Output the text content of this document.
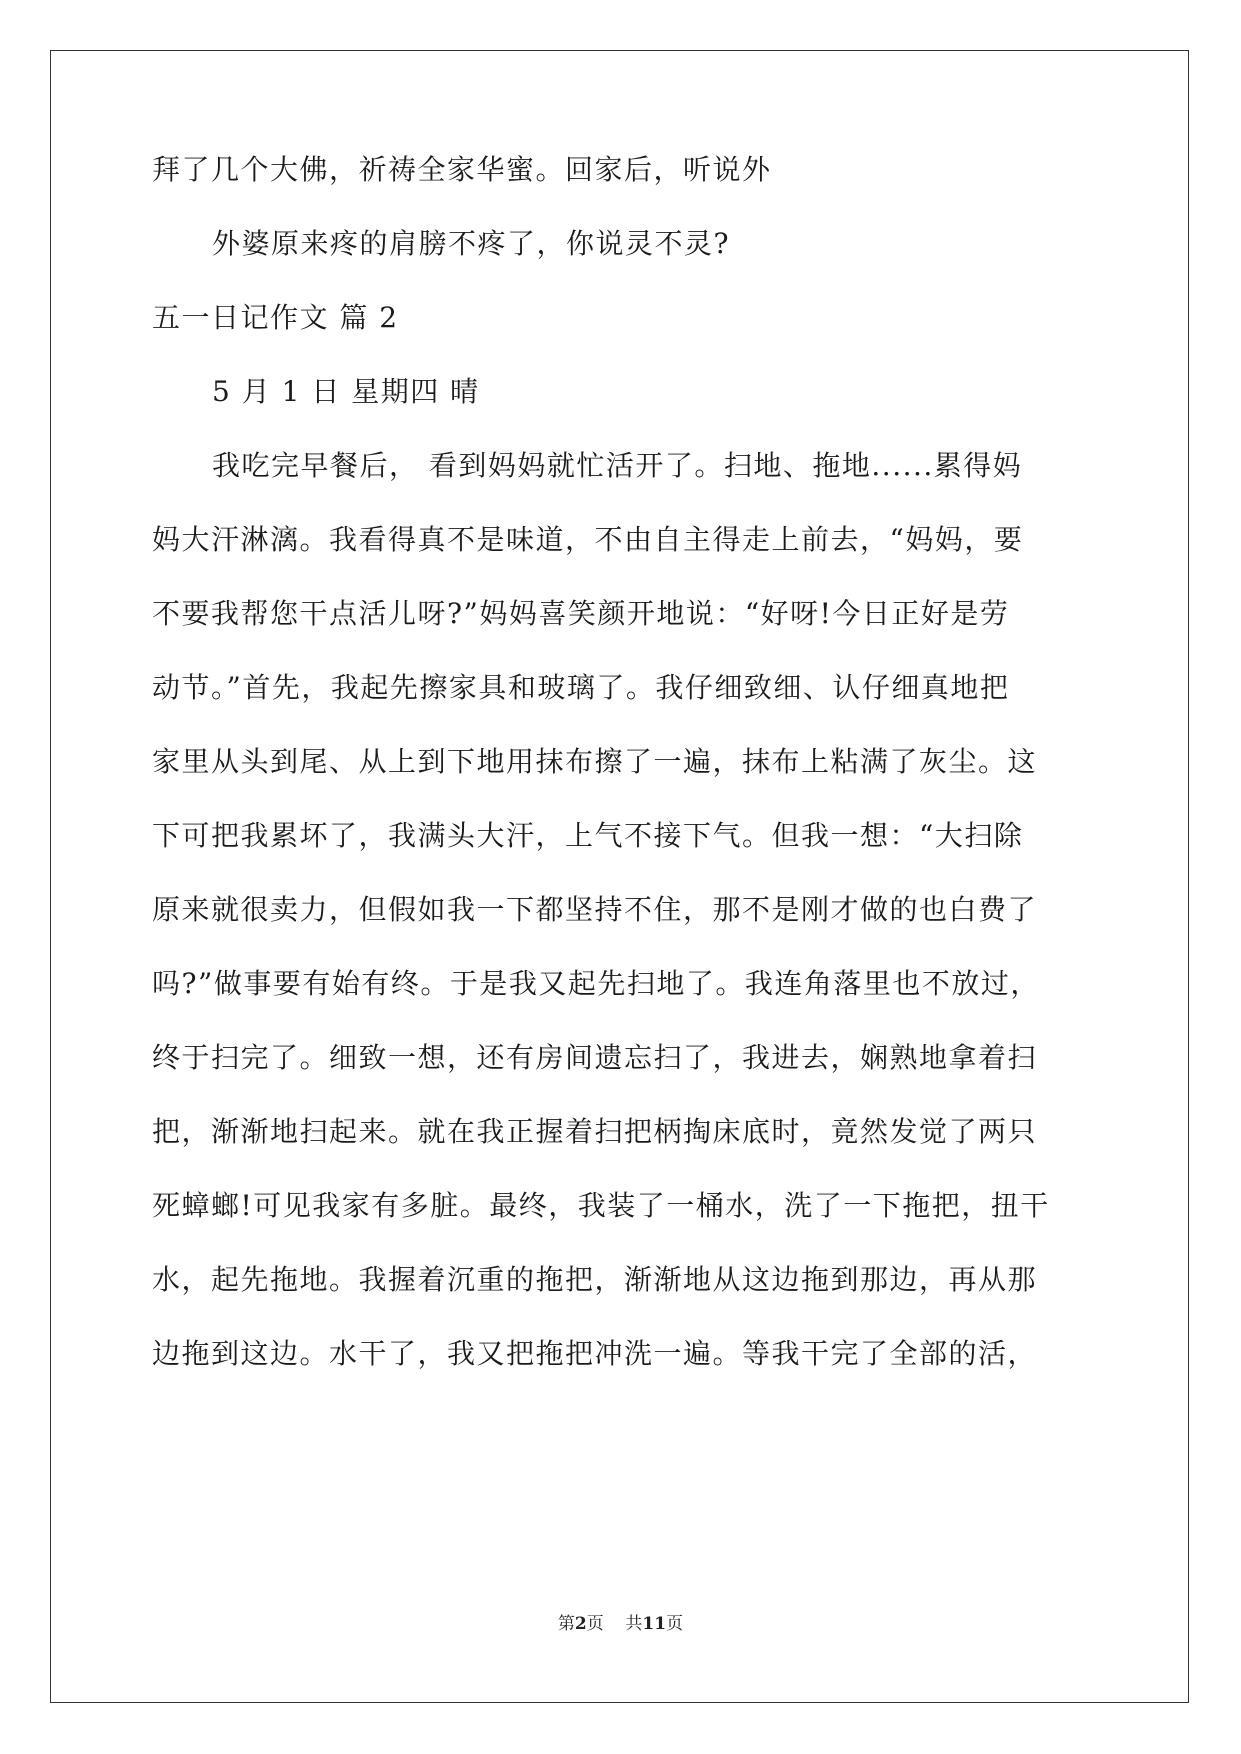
拜了几个大佛，祈祷全家华蜜。回家后，听说外
外婆原来疼的肩膀不疼了，你说灵不灵?
五一日记作文 篇 2
5 月 1 日 星期四 晴
我吃完早餐后， 看到妈妈就忙活开了。扫地、拖地......累得妈
妈大汗淋漓。我看得真不是味道，不由自主得走上前去，“妈妈，要
不要我帮您干点活儿呀?”妈妈喜笑颜开地说：“好呀!今日正好是劳
动节。”首先，我起先擦家具和玻璃了。我仔细致细、认仔细真地把
家里从头到尾、从上到下地用抹布擦了一遍，抹布上粘满了灰尘。这
下可把我累坏了，我满头大汗，上气不接下气。但我一想：“大扫除
原来就很卖力，但假如我一下都坚持不住，那不是刚才做的也白费了
吗?”做事要有始有终。于是我又起先扫地了。我连角落里也不放过，
终于扫完了。细致一想，还有房间遗忘扫了，我进去，娴熟地拿着扫
把，渐渐地扫起来。就在我正握着扫把柄掏床底时，竟然发觉了两只
死蟑螂!可见我家有多脏。最终，我装了一桶水，洗了一下拖把，扭干
水，起先拖地。我握着沉重的拖把，渐渐地从这边拖到那边，再从那
边拖到这边。水干了，我又把拖把冲洗一遍。等我干完了全部的活，
第2页 共11页
